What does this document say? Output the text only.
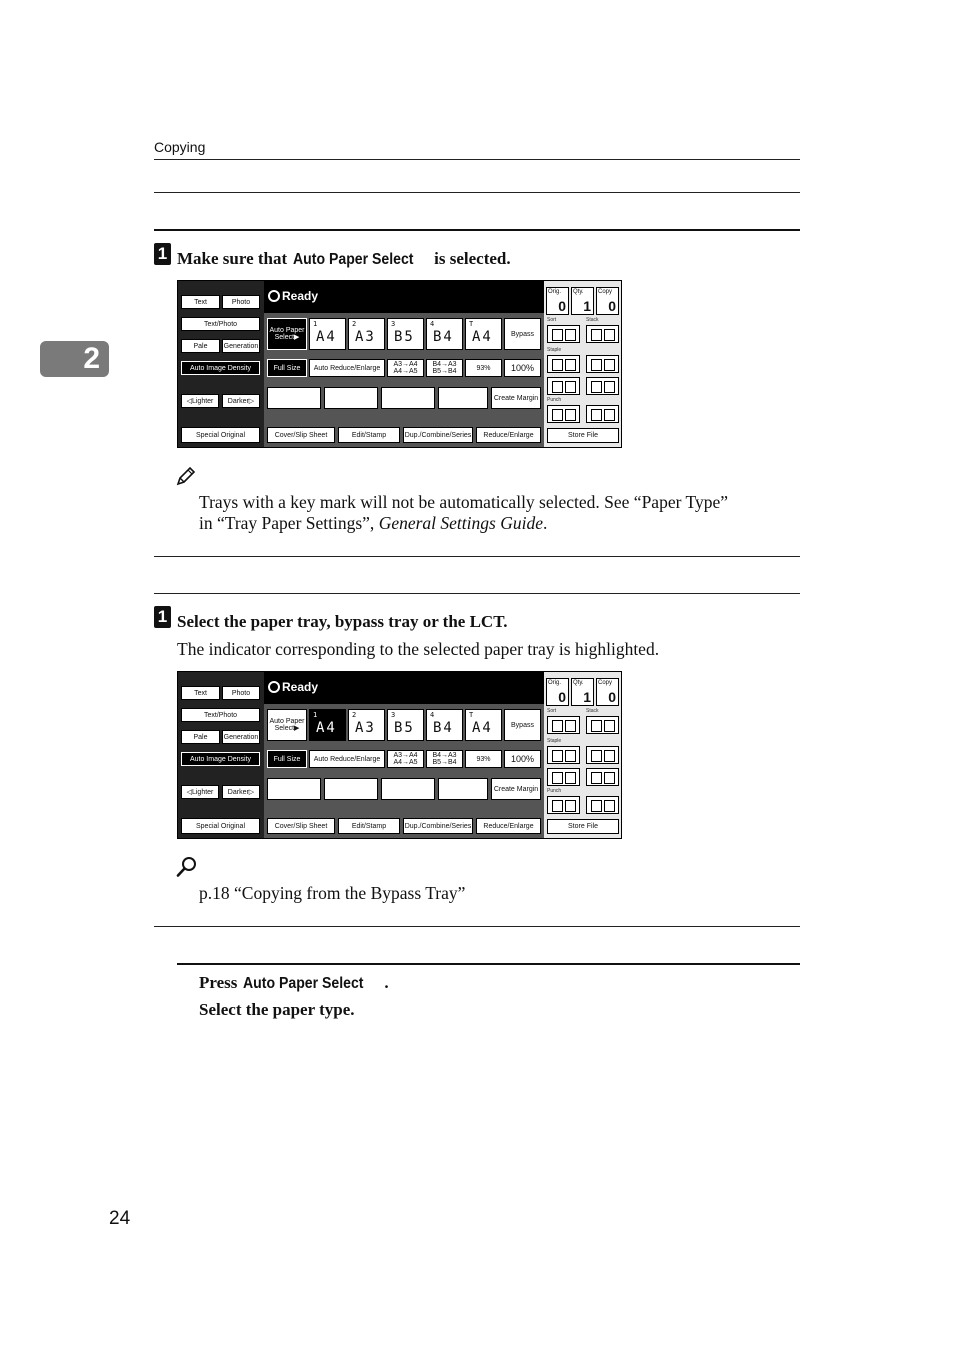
Copying
2
1 Make sure that Auto Paper Select is selected.
Text	Photo
Text/Photo
Pale	Generation
Auto Image Density
◁Lighter	Darker▷
Special Original
Ready
Auto Paper Select▶
1
A4
2
A3
3
B5
4
B4
T
A4	Bypass
Full Size	Auto Reduce/Enlarge	A3→A4 A4→A5
B4→A3 B5→B4	93%	100%
Create Margin
Cover/Slip Sheet	Edit/Stamp	Dup./Combine/Series	Reduce/Enlarge
Orig.
0
Qty.
1
Copy
0
Sort	Stack
Staple
Punch
Store File
Trays with a key mark will not be automatically selected. See “Paper Type”
in “Tray Paper Settings”, General Settings Guide.
1 Select the paper tray, bypass tray or the LCT.
The indicator corresponding to the selected paper tray is highlighted.
Text	Photo
Text/Photo
Pale	Generation
Auto Image Density
◁Lighter	Darker▷
Special Original
Ready
Auto Paper Select▶
1
A4
2
A3
3
B5
4
B4
T
A4	Bypass
Full Size	Auto Reduce/Enlarge	A3→A4 A4→A5
B4→A3 B5→B4	93%	100%
Create Margin
Cover/Slip Sheet	Edit/Stamp	Dup./Combine/Series	Reduce/Enlarge
Orig.
0
Qty.
1
Copy
0
Sort	Stack
Staple
Punch
Store File
p.18 “Copying from the Bypass Tray”
Press Auto Paper Select .
Select the paper type.
24
